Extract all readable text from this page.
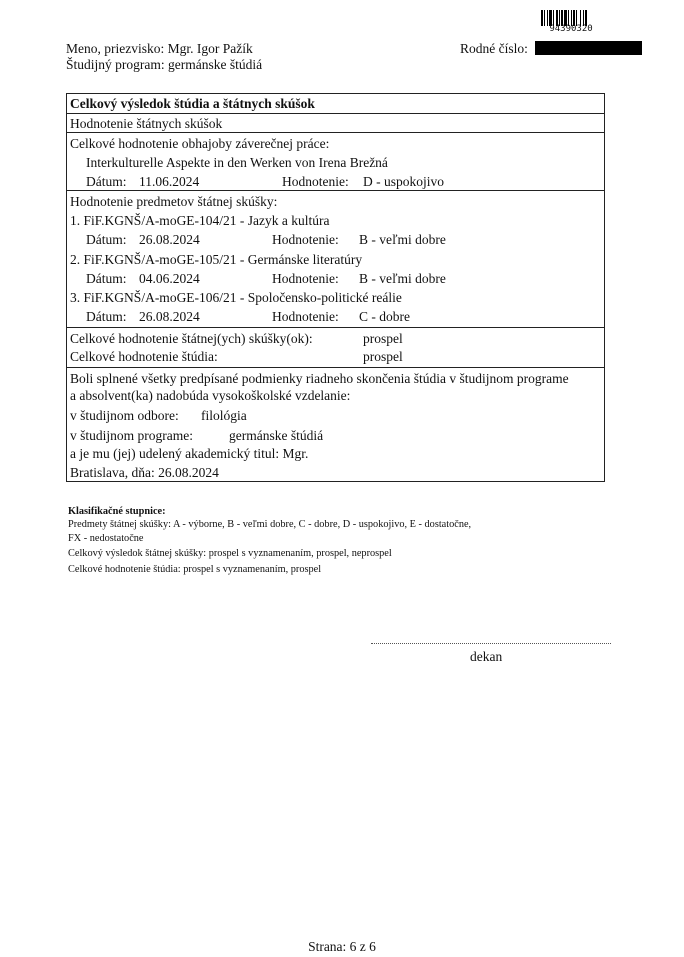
94390320
Meno, priezvisko: Mgr. Igor Pažík
Študijný program: germánske štúdiá
Rodné číslo:
Celkový výsledok štúdia a štátnych skúšok
Hodnotenie štátnych skúšok
Celkové hodnotenie obhajoby záverečnej práce:
Interkulturelle Aspekte in den Werken von Irena Brežná
Dátum: 11.06.2024	Hodnotenie: D - uspokojivo
Hodnotenie predmetov štátnej skúšky:
1. FiF.KGNŠ/A-moGE-104/21 - Jazyk a kultúra
Dátum: 26.08.2024	Hodnotenie: B - veľmi dobre
2. FiF.KGNŠ/A-moGE-105/21 - Germánske literatúry
Dátum: 04.06.2024	Hodnotenie: B - veľmi dobre
3. FiF.KGNŠ/A-moGE-106/21 - Spoločensko-politické reálie
Dátum: 26.08.2024	Hodnotenie: C - dobre
Celkové hodnotenie štátnej(ych) skúšky(ok):	prospel
Celkové hodnotenie štúdia:	prospel
Boli splnené všetky predpísané podmienky riadneho skončenia štúdia v študijnom programe
a absolvent(ka) nadobúda vysokoškolské vzdelanie:
v študijnom odbore: filológia
v študijnom programe:	germánske štúdiá
a je mu (jej) udelený akademický titul: Mgr.
Bratislava, dňa: 26.08.2024
Klasifikačné stupnice:
Predmety štátnej skúšky: A - výborne, B - veľmi dobre, C - dobre, D - uspokojivo, E - dostatočne,
FX - nedostatočne
Celkový výsledok štátnej skúšky: prospel s vyznamenaním, prospel, neprospel
Celkové hodnotenie štúdia: prospel s vyznamenaním, prospel
dekan
Strana: 6 z 6
